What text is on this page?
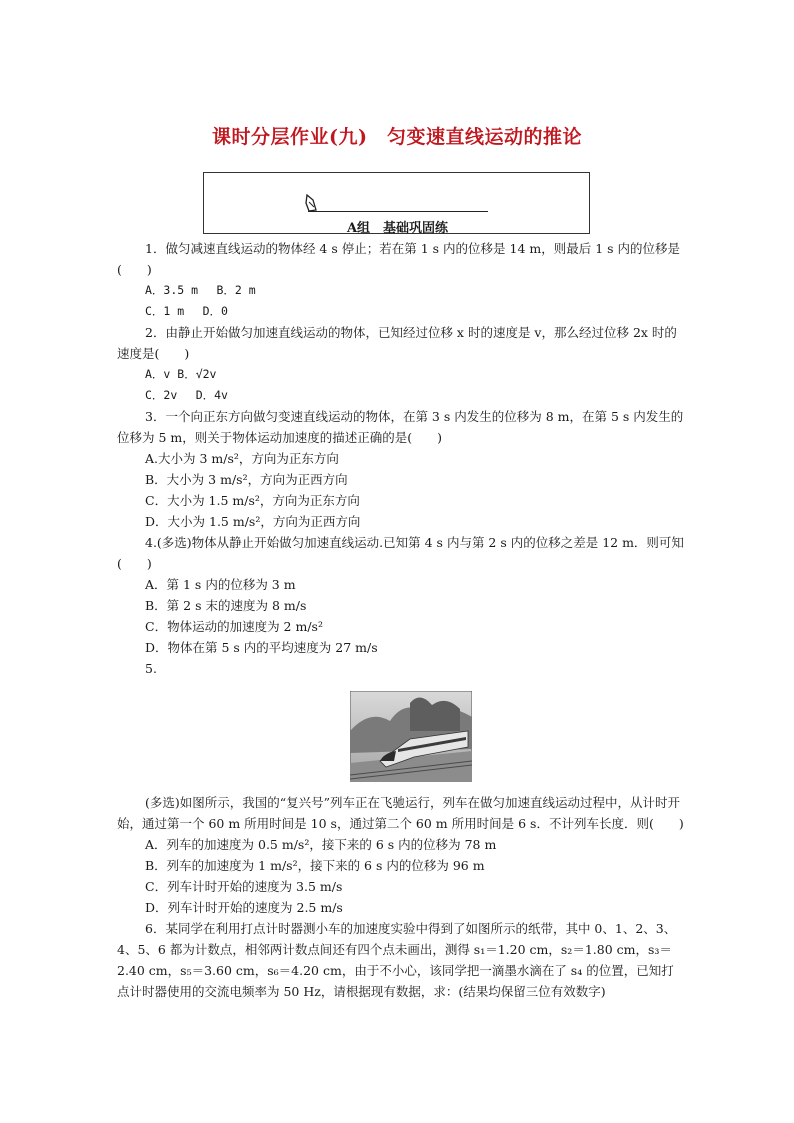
课时分层作业(九)　匀变速直线运动的推论
A组　基础巩固练

1．做匀减速直线运动的物体经 4 s 停止；若在第 1 s 内的位移是 14 m，则最后 1 s 内的位移是(　　)

A．3.5 m　 B．2 m

C．1 m　 D．0

2．由静止开始做匀加速直线运动的物体，已知经过位移 x 时的速度是 v，那么经过位移 2x 时的速度是(　　)

A．v B．√2v

C．2v　 D．4v

3．一个向正东方向做匀变速直线运动的物体，在第 3 s 内发生的位移为 8 m，在第 5 s 内发生的位移为 5 m，则关于物体运动加速度的描述正确的是(　　)

A.大小为 3 m/s²，方向为正东方向

B．大小为 3 m/s²，方向为正西方向

C．大小为 1.5 m/s²，方向为正东方向

D．大小为 1.5 m/s²，方向为正西方向

4.(多选)物体从静止开始做匀加速直线运动.已知第 4 s 内与第 2 s 内的位移之差是 12 m．则可知(　　)

A．第 1 s 内的位移为 3 m

B．第 2 s 末的速度为 8 m/s

C．物体运动的加速度为 2 m/s²

D．物体在第 5 s 内的平均速度为 27 m/s

5.

(多选)如图所示，我国的“复兴号”列车正在飞驰运行，列车在做匀加速直线运动过程中，从计时开始，通过第一个 60 m 所用时间是 10 s，通过第二个 60 m 所用时间是 6 s．不计列车长度．则(　　)

A．列车的加速度为 0.5 m/s²，接下来的 6 s 内的位移为 78 m

B．列车的加速度为 1 m/s²，接下来的 6 s 内的位移为 96 m

C．列车计时开始的速度为 3.5 m/s

D．列车计时开始的速度为 2.5 m/s

6．某同学在利用打点计时器测小车的加速度实验中得到了如图所示的纸带，其中 0、1、2、3、4、5、6 都为计数点，相邻两计数点间还有四个点未画出，测得 s₁＝1.20 cm，s₂＝1.80 cm，s₃＝2.40 cm，s₅＝3.60 cm，s₆＝4.20 cm，由于不小心，该同学把一滴墨水滴在了 s₄ 的位置，已知打点计时器使用的交流电频率为 50 Hz，请根据现有数据，求：(结果均保留三位有效数字)
